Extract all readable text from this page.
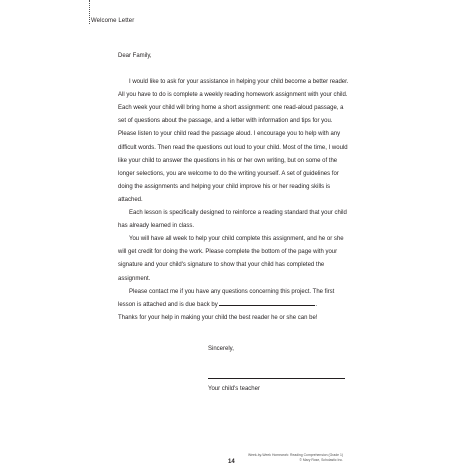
Welcome Letter

Dear Family,

I would like to ask for your assistance in helping your child become a better reader. All you have to do is complete a weekly reading homework assignment with your child. Each week your child will bring home a short assignment: one read-aloud passage, a set of questions about the passage, and a letter with information and tips for you. Please listen to your child read the passage aloud. I encourage you to help with any difficult words. Then read the questions out loud to your child. Most of the time, I would like your child to answer the questions in his or her own writing, but on some of the longer selections, you are welcome to do the writing yourself. A set of guidelines for doing the assignments and helping your child improve his or her reading skills is attached.

Each lesson is specifically designed to reinforce a reading standard that your child has already learned in class.

You will have all week to help your child complete this assignment, and he or she will get credit for doing the work. Please complete the bottom of the page with your signature and your child's signature to show that your child has completed the assignment.

Please contact me if you have any questions concerning this project. The first lesson is attached and is due back by	.

Thanks for your help in making your child the best reader he or she can be!

Sincerely,
Your child's teacher
14
Week-by-Week Homework: Reading Comprehension (Grade 1)
© Mary Rose, Scholastic Inc.
